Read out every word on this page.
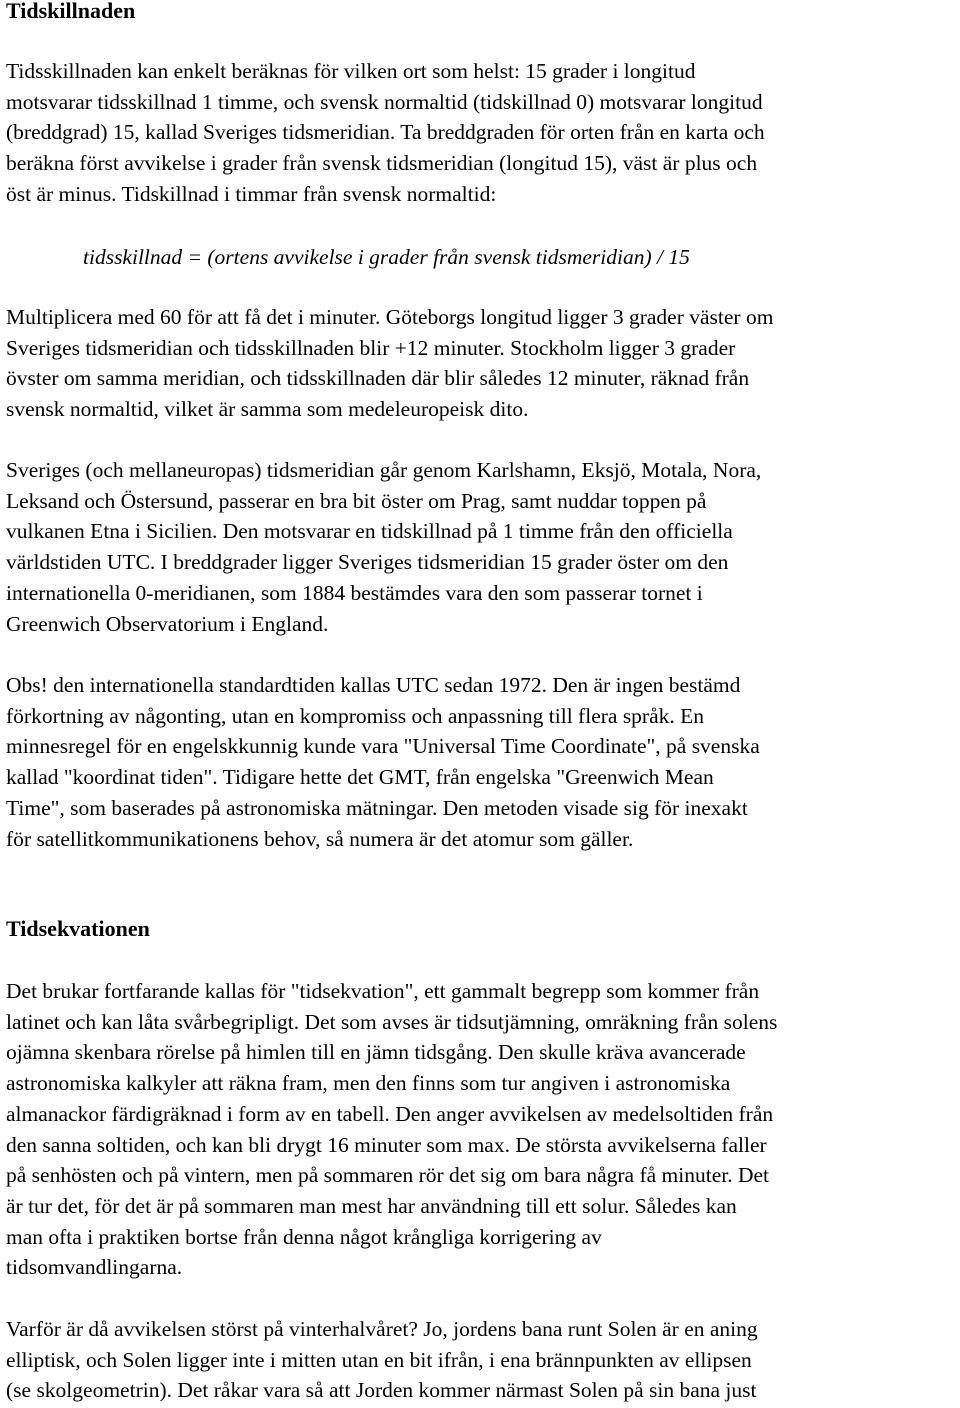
Tidskillnaden

Tidsskillnaden kan enkelt beräknas för vilken ort som helst: 15 grader i longitud
motsvarar tidsskillnad 1 timme, och svensk normaltid (tidskillnad 0) motsvarar longitud
(breddgrad) 15, kallad Sveriges tidsmeridian. Ta breddgraden för orten från en karta och
beräkna först avvikelse i grader från svensk tidsmeridian (longitud 15), väst är plus och
öst är minus. Tidskillnad i timmar från svensk normaltid:

tidsskillnad = (ortens avvikelse i grader från svensk tidsmeridian) / 15

Multiplicera med 60 för att få det i minuter. Göteborgs longitud ligger 3 grader väster om
Sveriges tidsmeridian och tidsskillnaden blir +12 minuter. Stockholm ligger 3 grader
övster om samma meridian, och tidsskillnaden där blir således 12 minuter, räknad från
svensk normaltid, vilket är samma som medeleuropeisk dito.

Sveriges (och mellaneuropas) tidsmeridian går genom Karlshamn, Eksjö, Motala, Nora,
Leksand och Östersund, passerar en bra bit öster om Prag, samt nuddar toppen på
vulkanen Etna i Sicilien. Den motsvarar en tidskillnad på 1 timme från den officiella
världstiden UTC. I breddgrader ligger Sveriges tidsmeridian 15 grader öster om den
internationella 0-meridianen, som 1884 bestämdes vara den som passerar tornet i
Greenwich Observatorium i England.

Obs! den internationella standardtiden kallas UTC sedan 1972. Den är ingen bestämd
förkortning av någonting, utan en kompromiss och anpassning till flera språk. En
minnesregel för en engelskkunnig kunde vara "Universal Time Coordinate", på svenska
kallad "koordinat tiden". Tidigare hette det GMT, från engelska "Greenwich Mean
Time", som baserades på astronomiska mätningar. Den metoden visade sig för inexakt
för satellitkommunikationens behov, så numera är det atomur som gäller.

Tidsekvationen

Det brukar fortfarande kallas för "tidsekvation", ett gammalt begrepp som kommer från
latinet och kan låta svårbegripligt. Det som avses är tidsutjämning, omräkning från solens
ojämna skenbara rörelse på himlen till en jämn tidsgång. Den skulle kräva avancerade
astronomiska kalkyler att räkna fram, men den finns som tur angiven i astronomiska
almanackor färdigräknad i form av en tabell. Den anger avvikelsen av medelsoltiden från
den sanna soltiden, och kan bli drygt 16 minuter som max. De största avvikelserna faller
på senhösten och på vintern, men på sommaren rör det sig om bara några få minuter. Det
är tur det, för det är på sommaren man mest har användning till ett solur. Således kan
man ofta i praktiken bortse från denna något krångliga korrigering av
tidsomvandlingarna.

Varför är då avvikelsen störst på vinterhalvåret? Jo, jordens bana runt Solen är en aning
elliptisk, och Solen ligger inte i mitten utan en bit ifrån, i ena brännpunkten av ellipsen
(se skolgeometrin). Det råkar vara så att Jorden kommer närmast Solen på sin bana just
